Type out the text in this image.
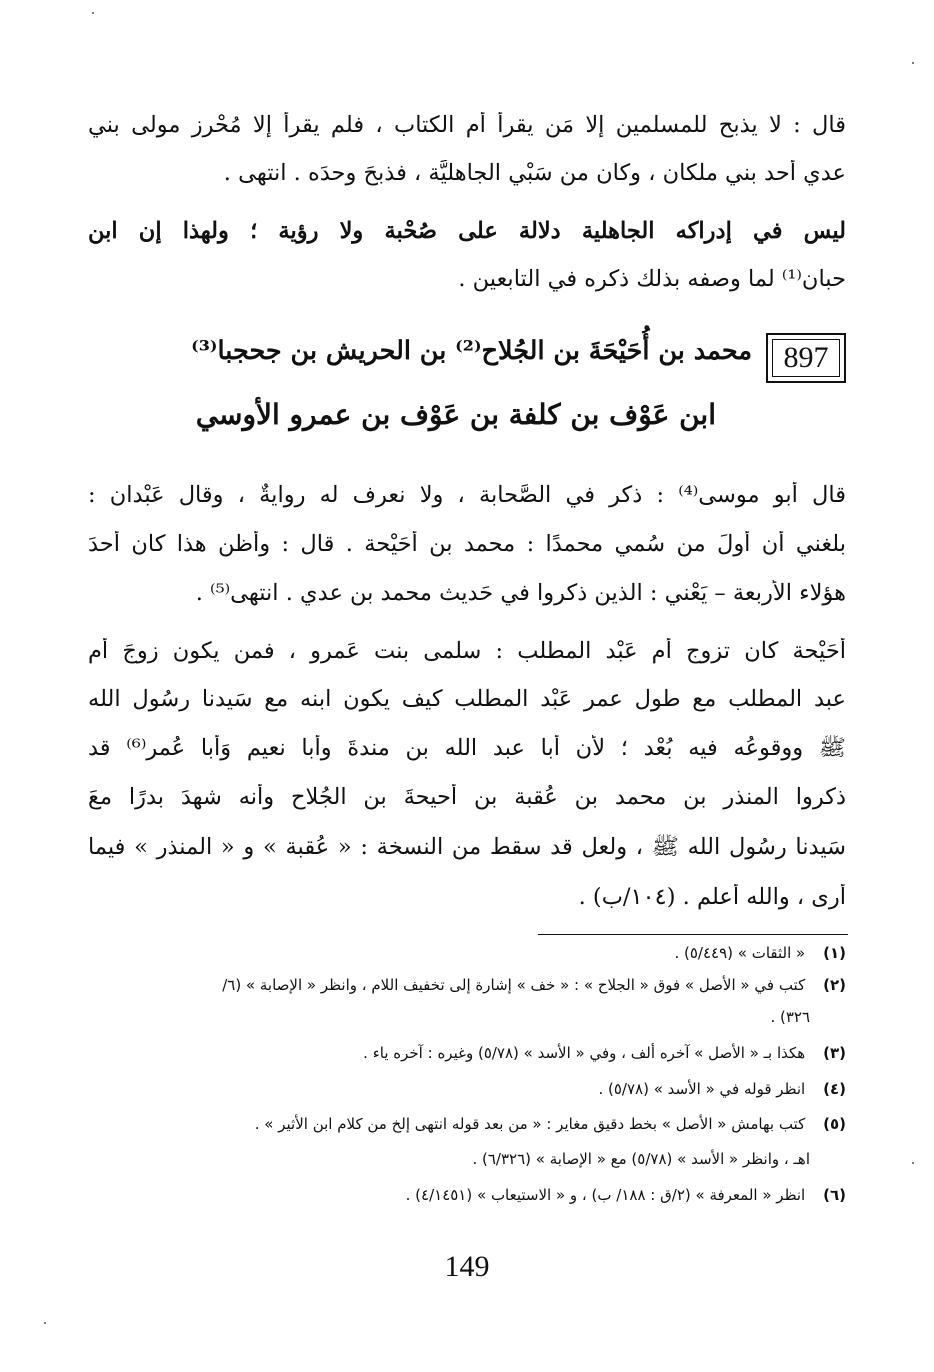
قال : لا يذبح للمسلمين إلا مَن يقرأ أم الكتاب ، فلم يقرأ إلا مُحْرز مولى بني
عدي أحد بني ملكان ، وكان من سَبْي الجاهليَّة ، فذبحَ وحدَه . انتهى .
ليس في إدراكه الجاهلية دلالة على صُحْبة ولا رؤية ؛ ولهذا إن ابن
حبان⁽¹⁾ لما وصفه بذلك ذكره في التابعين .
897
محمد بن أُحَيْحَةَ بن الجُلاح⁽²⁾ بن الحريش بن جحجبا⁽³⁾
ابن عَوْف بن كلفة بن عَوْف بن عمرو الأوسي
قال أبو موسى⁽⁴⁾ : ذكر في الصَّحابة ، ولا نعرف له روايةٌ ، وقال عَبْدان :
بلغني أن أولَ من سُمي محمدًا : محمد بن أُحَيْحة . قال : وأظن هذا كان أحدَ
هؤلاء الأربعة – يَعْني : الذين ذكروا في حَديث محمد بن عدي . انتهى⁽⁵⁾ .
أُحَيْحة كان تزوج أم عَبْد المطلب : سلمى بنت عَمرو ، فمن يكون زوجَ أم
عبد المطلب مع طول عمر عَبْد المطلب كيف يكون ابنه مع سَيدنا رسُول الله
ﷺ ووقوعُه فيه بُعْد ؛ لأن أبا عبد الله بن مندةَ وأبا نعيم وَأبا عُمر⁽⁶⁾ قد
ذكروا المنذر بن محمد بن عُقبة بن أُحيحةَ بن الجُلاح وأنه شهدَ بدرًا معَ
سَيدنا رسُول الله ﷺ ، ولعل قد سقط من النسخة : « عُقبة » و « المنذر » فيما
أرى ، والله أعلم . (١٠٤/ب) .
(١) « الثقات » (٥/٤٤٩) .
(٢) كتب في « الأصل » فوق « الجلاح » : « خف » إشارة إلى تخفيف اللام ، وانظر « الإصابة » (٦/
٣٢٦) .
(٣) هكذا بـ « الأصل » آخره ألف ، وفي « الأسد » (٥/٧٨) وغيره : آخره ياء .
(٤) انظر قوله في « الأسد » (٥/٧٨) .
(٥) كتب بهامش « الأصل » بخط دقيق مغاير : « من بعد قوله انتهى إلخ من كلام ابن الأثير » .
اهـ ، وانظر « الأسد » (٥/٧٨) مع « الإصابة » (٦/٣٢٦) .
(٦) انظر « المعرفة » (٢/ق : ١٨٨/ ب) ، و « الاستيعاب » (٤/١٤٥١) .
149
